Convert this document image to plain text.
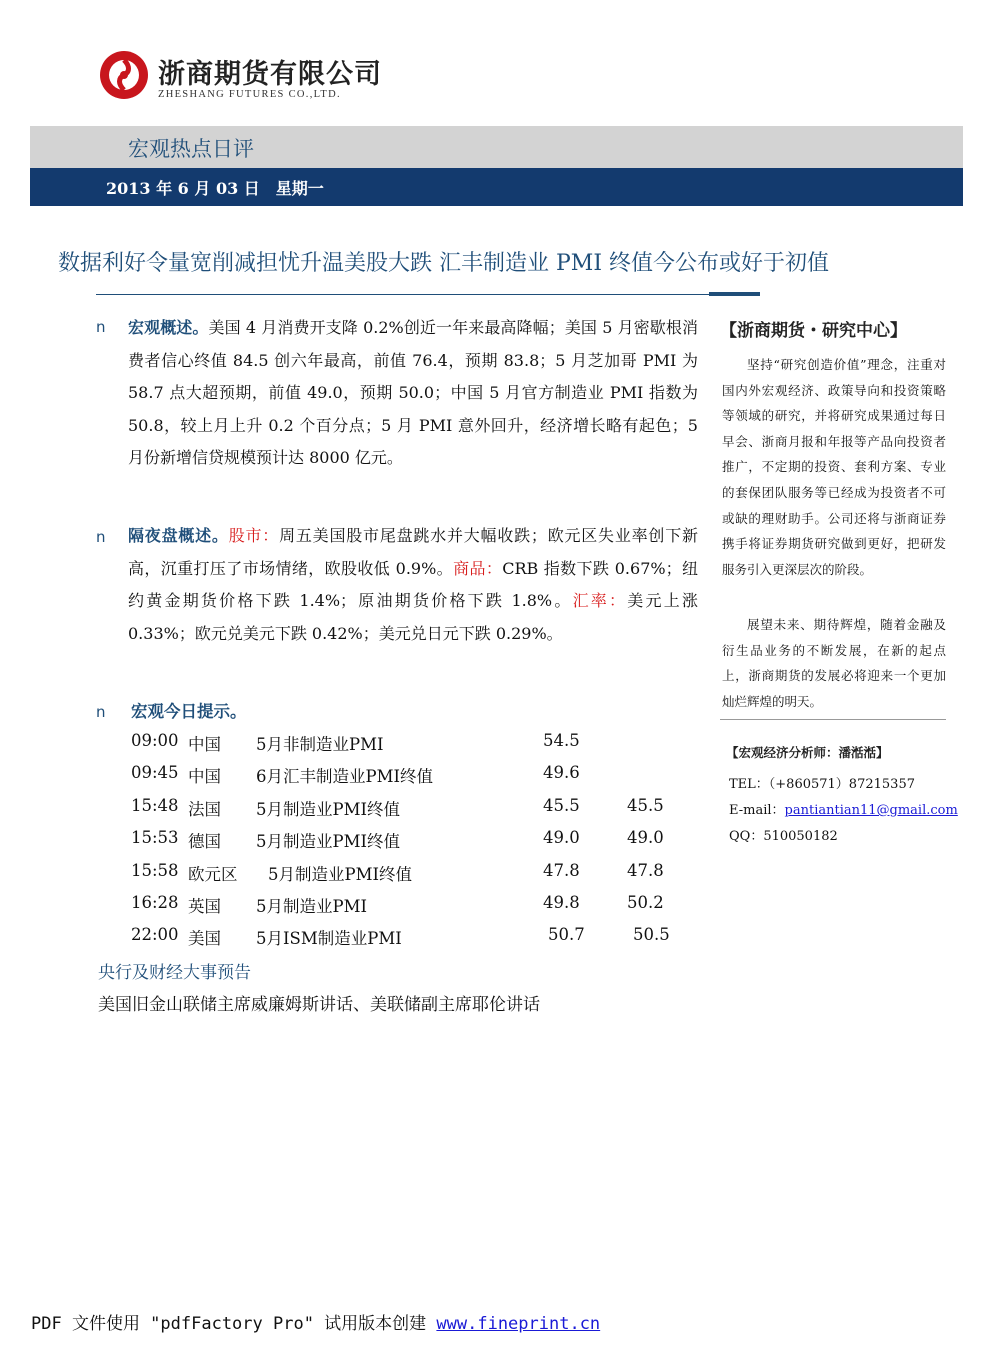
浙商期货有限公司
ZHESHANG FUTURES CO.,LTD.
宏观热点日评
2013 年 6 月 03 日 星期一
数据利好令量宽削减担忧升温美股大跌 汇丰制造业 PMI 终值今公布或好于初值
n 宏观概述。美国 4 月消费开支降 0.2%创近一年来最高降幅；美国 5 月密歇根消费者信心终值 84.5 创六年最高，前值 76.4，预期 83.8；5 月芝加哥 PMI 为 58.7 点大超预期，前值 49.0，预期 50.0；中国 5 月官方制造业 PMI 指数为 50.8，较上月上升 0.2 个百分点；5 月 PMI 意外回升，经济增长略有起色；5 月份新增信贷规模预计达 8000 亿元。
n 隔夜盘概述。股市：周五美国股市尾盘跳水并大幅收跌；欧元区失业率创下新高，沉重打压了市场情绪，欧股收低 0.9%。商品：CRB 指数下跌 0.67%；纽约黄金期货价格下跌 1.4%；原油期货价格下跌 1.8%。汇率：美元上涨 0.33%；欧元兑美元下跌 0.42%；美元兑日元下跌 0.29%。
n 宏观今日提示。
09:00 中国 5月非制造业PMI	54.5
09:45 中国 6月汇丰制造业PMI终值	49.6
15:48 法国 5月制造业PMI终值	45.5	45.5
15:53 德国 5月制造业PMI终值	49.0	49.0
15:58 欧元区 5月制造业PMI终值	47.8	47.8
16:28 英国 5月制造业PMI	49.8	50.2
22:00 美国 5月ISM制造业PMI	50.7	50.5
央行及财经大事预告
美国旧金山联储主席威廉姆斯讲话、美联储副主席耶伦讲话
【浙商期货・研究中心】
坚持“研究创造价值”理念，注重对国内外宏观经济、政策导向和投资策略等领域的研究，并将研究成果通过每日早会、浙商月报和年报等产品向投资者推广，不定期的投资、套利方案、专业的套保团队服务等已经成为投资者不可或缺的理财助手。公司还将与浙商证券携手将证券期货研究做到更好，把研发服务引入更深层次的阶段。
展望未来、期待辉煌，随着金融及衍生品业务的不断发展，在新的起点上，浙商期货的发展必将迎来一个更加灿烂辉煌的明天。
【宏观经济分析师：潘湉湉】
TEL：（+860571）87215357
E-mail：pantiantian11@gmail.com
QQ：510050182
PDF 文件使用 "pdfFactory Pro" 试用版本创建 www.fineprint.cn
